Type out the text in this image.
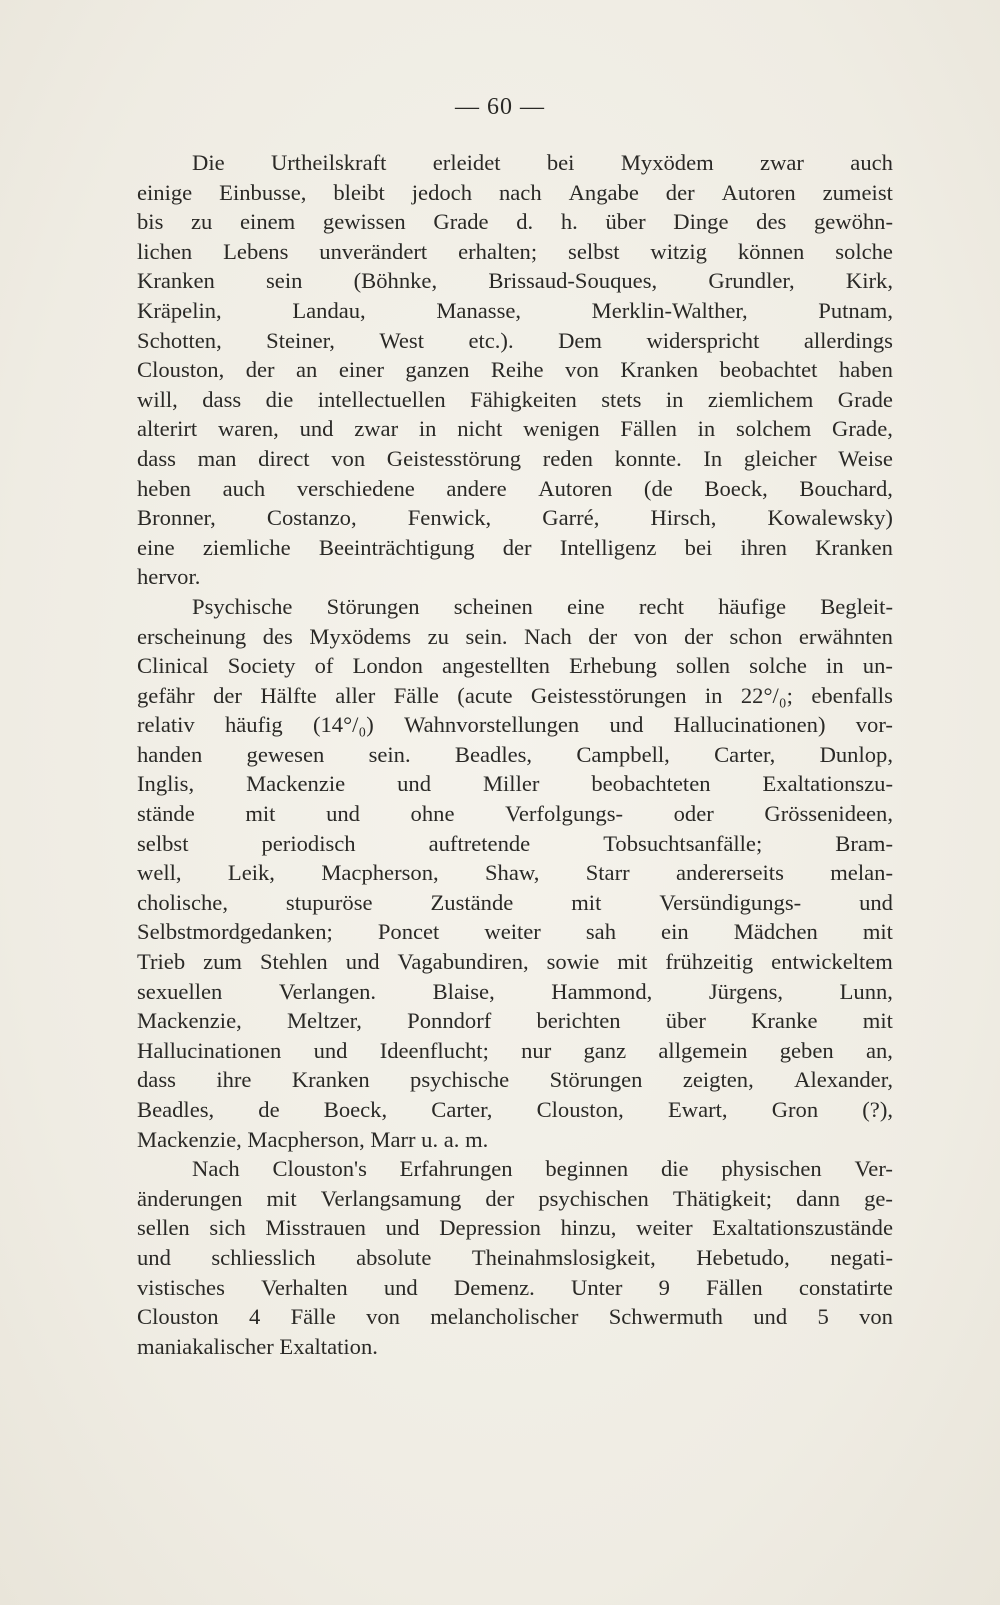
— 60 —
Die Urtheilskraft erleidet bei Myxödem zwar auch
einige Einbusse, bleibt jedoch nach Angabe der Autoren zumeist
bis zu einem gewissen Grade d. h. über Dinge des gewöhn-
lichen Lebens unverändert erhalten; selbst witzig können solche
Kranken sein (Böhnke, Brissaud-Souques, Grundler, Kirk,
Kräpelin,	Landau,	Manasse,	Merklin-Walther,	Putnam,
Schotten, Steiner, West etc.). Dem widerspricht allerdings
Clouston, der an einer ganzen Reihe von Kranken beobachtet haben
will, dass die intellectuellen Fähigkeiten stets in ziemlichem Grade
alterirt waren, und zwar in nicht wenigen Fällen in solchem Grade,
dass man direct von Geistesstörung reden konnte. In gleicher Weise
heben auch verschiedene andere Autoren (de Boeck, Bouchard,
Bronner, Costanzo, Fenwick, Garré, Hirsch, Kowalewsky)
eine ziemliche Beeinträchtigung der Intelligenz bei ihren Kranken
hervor.
Psychische Störungen scheinen eine recht häufige Begleit-
erscheinung des Myxödems zu sein. Nach der von der schon erwähnten
Clinical Society of London angestellten Erhebung sollen solche in un-
gefähr der Hälfte aller Fälle (acute Geistesstörungen in 22°/₀; ebenfalls
relativ häufig (14°/₀) Wahnvorstellungen und Hallucinationen) vor-
handen gewesen sein. Beadles, Campbell, Carter, Dunlop,
Inglis, Mackenzie und Miller beobachteten Exaltationszu-
stände mit und ohne Verfolgungs- oder Grössenideen,
selbst	periodisch	auftretende	Tobsuchtsanfälle;	Bram-
well, Leik, Macpherson, Shaw, Starr andererseits melan-
cholische,	stupuröse	Zustände	mit	Versündigungs-	und
Selbstmordgedanken; Poncet weiter sah ein Mädchen mit
Trieb zum Stehlen und Vagabundiren, sowie mit frühzeitig entwickeltem
sexuellen	Verlangen.	Blaise,	Hammond,	Jürgens,	Lunn,
Mackenzie, Meltzer, Ponndorf berichten über Kranke mit
Hallucinationen und Ideenflucht; nur ganz allgemein geben an,
dass ihre Kranken psychische Störungen zeigten, Alexander,
Beadles, de Boeck, Carter, Clouston, Ewart, Gron (?),
Mackenzie, Macpherson, Marr u. a. m.
Nach Clouston's Erfahrungen beginnen die physischen Ver-
änderungen mit Verlangsamung der psychischen Thätigkeit; dann ge-
sellen sich Misstrauen und Depression hinzu, weiter Exaltationszustände
und schliesslich absolute Theinahmslosigkeit, Hebetudo, negati-
vistisches Verhalten und Demenz. Unter 9 Fällen constatirte
Clouston 4 Fälle von melancholischer Schwermuth und 5 von
maniakalischer Exaltation.
